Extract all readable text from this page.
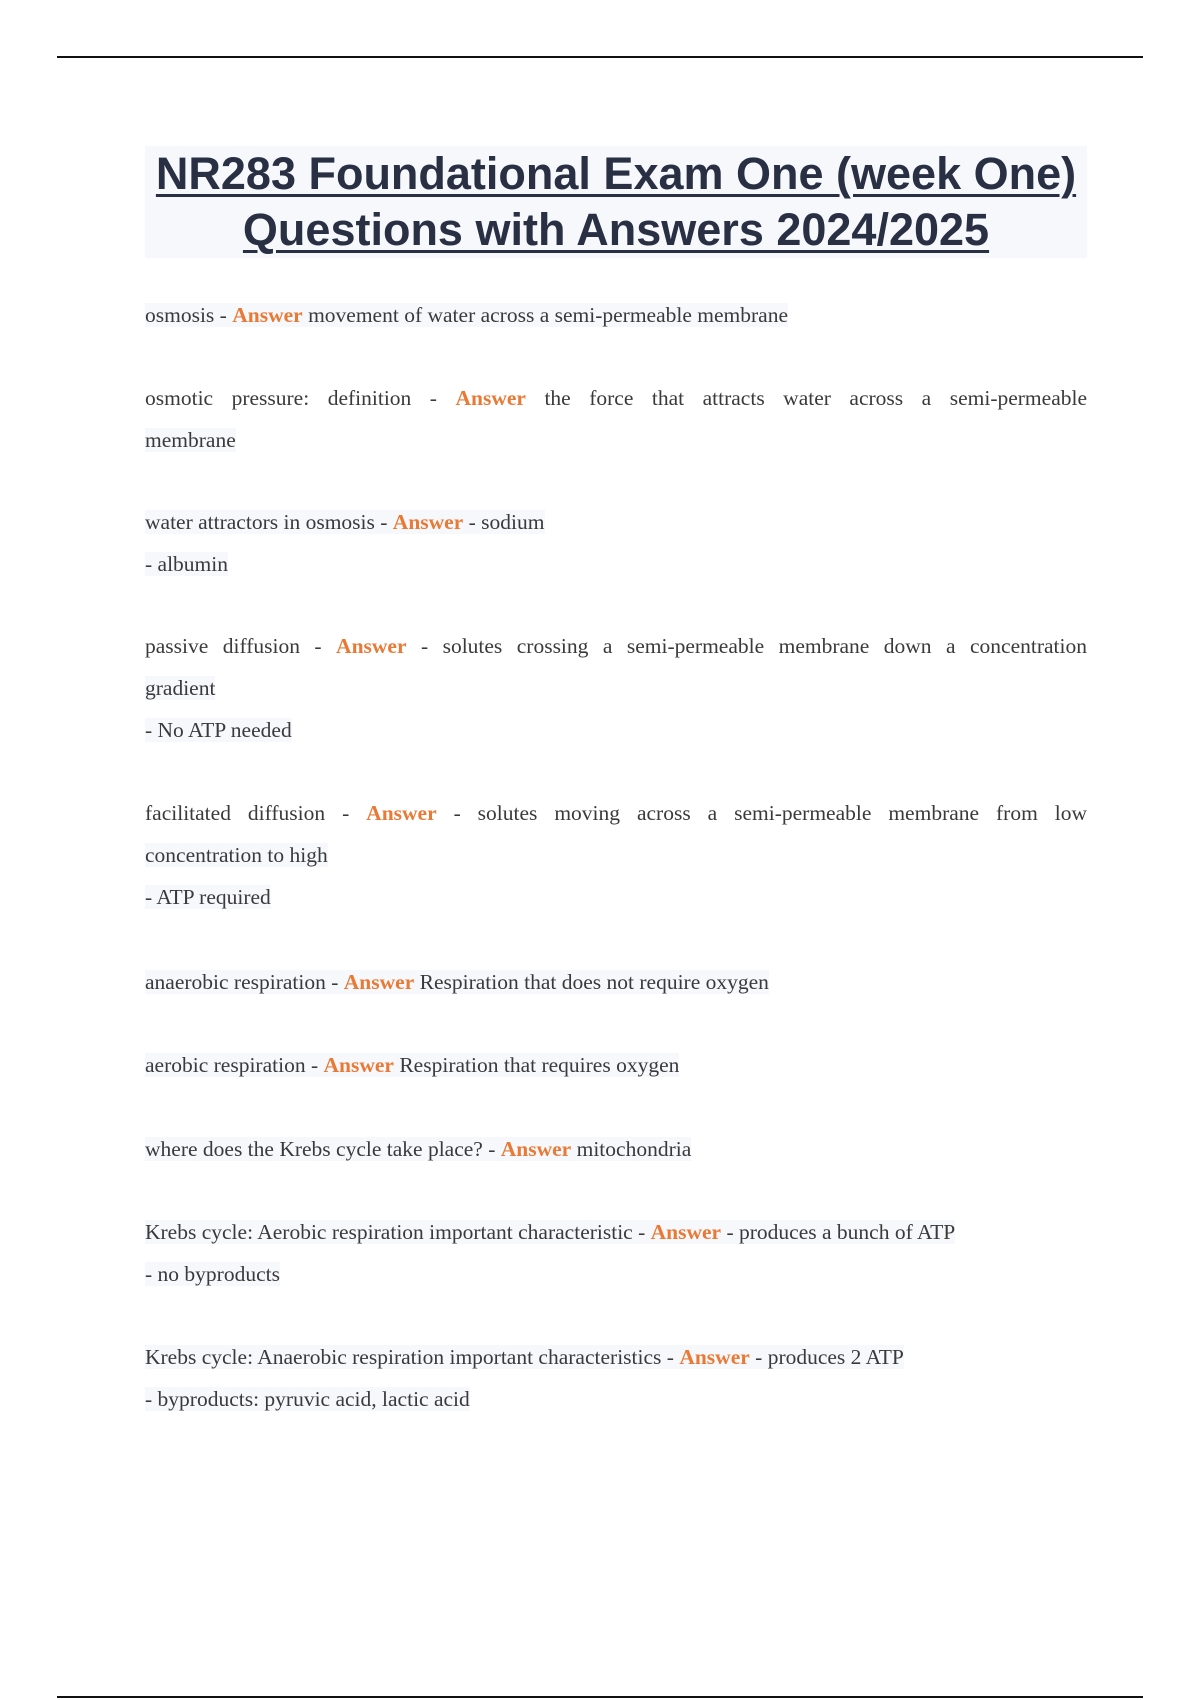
NR283 Foundational Exam One (week One) Questions with Answers 2024/2025

osmosis - Answer movement of water across a semi-permeable membrane

osmotic pressure: definition - Answer the force that attracts water across a semi-permeable
membrane

water attractors in osmosis - Answer - sodium
- albumin

passive diffusion - Answer - solutes crossing a semi-permeable membrane down a concentration
gradient
- No ATP needed

facilitated diffusion - Answer - solutes moving across a semi-permeable membrane from low
concentration to high
- ATP required

anaerobic respiration - Answer Respiration that does not require oxygen

aerobic respiration - Answer Respiration that requires oxygen

where does the Krebs cycle take place? - Answer mitochondria

Krebs cycle: Aerobic respiration important characteristic - Answer - produces a bunch of ATP
- no byproducts

Krebs cycle: Anaerobic respiration important characteristics - Answer - produces 2 ATP
- byproducts: pyruvic acid, lactic acid
